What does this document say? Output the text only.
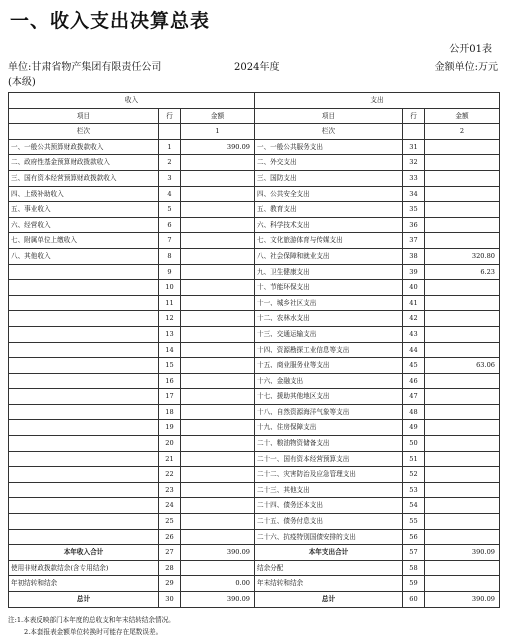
一、收入支出决算总表
公开01表
单位:甘肃省物产集团有限责任公司	2024年度	金额单位:万元
(本级)
收入			支出		
项目	行	金额	项目	行	金额
栏次		1	栏次		2
一、一般公共预算财政拨款收入	1	390.09	一、一般公共服务支出	31	
二、政府性基金预算财政拨款收入	2		二、外交支出	32	
三、国有资本经营预算财政拨款收入	3		三、国防支出	33	
四、上级补助收入	4		四、公共安全支出	34	
五、事业收入	5		五、教育支出	35	
六、经营收入	6		六、科学技术支出	36	
七、附属单位上缴收入	7		七、文化旅游体育与传媒支出	37	
八、其他收入	8		八、社会保障和就业支出	38	320.80
	9		九、卫生健康支出	39	6.23
	10		十、节能环保支出	40	
	11		十一、城乡社区支出	41	
	12		十二、农林水支出	42	
	13		十三、交通运输支出	43	
	14		十四、资源勘探工业信息等支出	44	
	15		十五、商业服务业等支出	45	63.06
	16		十六、金融支出	46	
	17		十七、援助其他地区支出	47	
	18		十八、自然资源海洋气象等支出	48	
	19		十九、住房保障支出	49	
	20		二十、粮油物资储备支出	50	
	21		二十一、国有资本经营预算支出	51	
	22		二十二、灾害防治及应急管理支出	52	
	23		二十三、其他支出	53	
	24		二十四、债务还本支出	54	
	25		二十五、债务付息支出	55	
	26		二十六、抗疫特别国债安排的支出	56	
本年收入合计	27	390.09	本年支出合计	57	390.09
使用非财政拨款结余(含专用结余)	28		结余分配	58	
年初结转和结余	29	0.00	年末结转和结余	59	
总计	30	390.09	总计	60	390.09
注:1.本表反映部门本年度的总收支和年末结转结余情况。
2.本套报表金额单位转换时可能存在尾数误差。
